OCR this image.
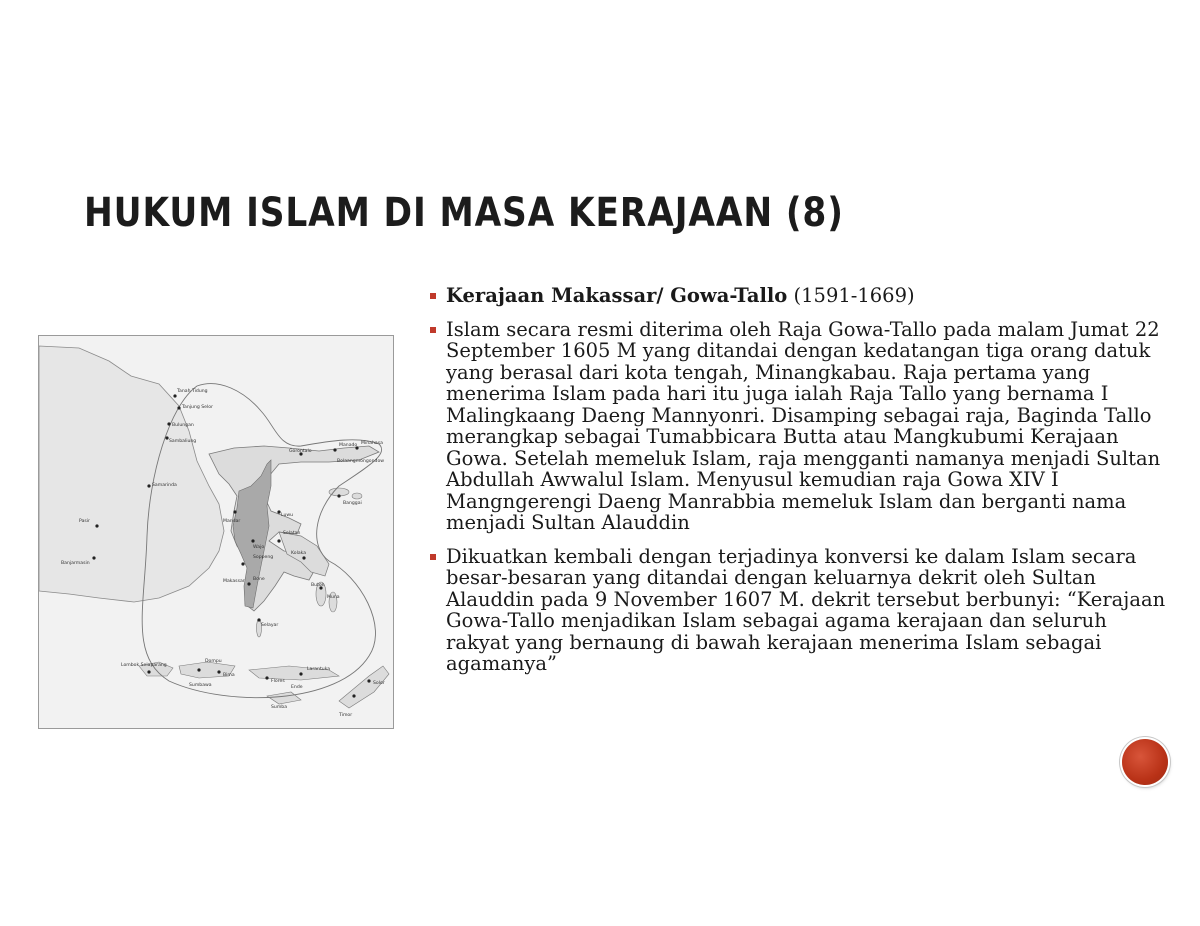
HUKUM ISLAM DI MASA KERAJAAN (8)
Tanah Tidung
Tanjung Selor
Bulungan
Sambaliung
Samarinda
Pasir
Banjarmasin
Gorontalo
Manado Minahasa
Bolaangmongondow
Banggai
Mandar
Luwu
Selatan
Wajo
Soppeng
Bone
Makassar
Kolaka
Buton
Muna
Selayar
Lombok Selaparang
Sumbawa
Dompu
Bima
Flores
Ende
Larantuka
Sumba
Solor
Timor
Kerajaan Makassar/ Gowa-Tallo (1591-1669)
Islam secara resmi diterima oleh Raja Gowa-Tallo pada malam Jumat 22 September 1605 M yang ditandai dengan kedatangan tiga orang datuk yang berasal dari kota tengah, Minangkabau. Raja pertama yang menerima Islam pada hari itu juga ialah Raja Tallo yang bernama I Malingkaang Daeng Mannyonri. Disamping sebagai raja, Baginda Tallo merangkap sebagai Tumabbicara Butta atau Mangkubumi Kerajaan Gowa. Setelah memeluk Islam, raja mengganti namanya menjadi Sultan Abdullah Awwalul Islam. Menyusul kemudian raja Gowa XIV I Mangngerengi Daeng Manrabbia memeluk Islam dan berganti nama menjadi Sultan Alauddin
Dikuatkan kembali dengan terjadinya konversi ke dalam Islam secara besar-besaran yang ditandai dengan keluarnya dekrit oleh Sultan Alauddin pada 9 November 1607 M. dekrit tersebut berbunyi: “Kerajaan Gowa-Tallo menjadikan Islam sebagai agama kerajaan dan seluruh rakyat yang bernaung di bawah kerajaan menerima Islam sebagai agamanya”
